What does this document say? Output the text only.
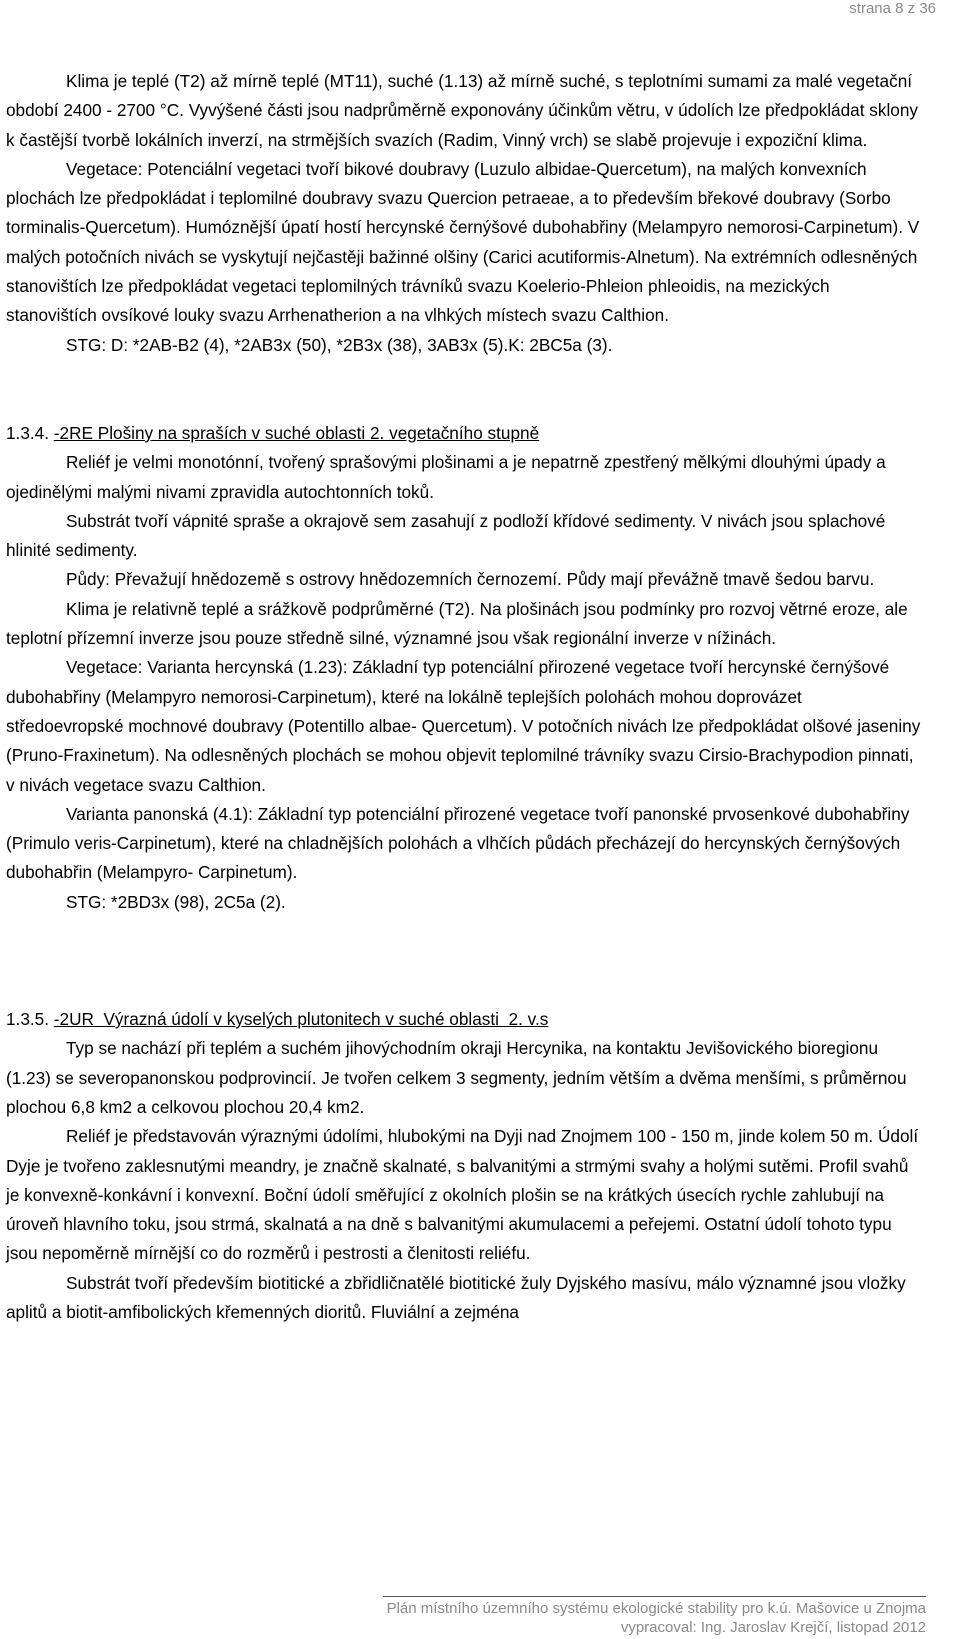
strana 8 z 36

Klima je teplé (T2) až mírně teplé (MT11), suché (1.13) až mírně suché, s teplotními sumami za malé vegetační období 2400 - 2700 °C. Vyvýšené části jsou nadprůměrně exponovány účinkům větru, v údolích lze předpokládat sklony k častější tvorbě lokálních inverzí, na strmějších svazích (Radim, Vinný vrch) se slabě projevuje i expoziční klima.

Vegetace: Potenciální vegetaci tvoří bikové doubravy (Luzulo albidae-Quercetum), na malých konvexních plochách lze předpokládat i teplomilné doubravy svazu Quercion petraeae, a to především břekové doubravy (Sorbo torminalis-Quercetum). Humóznější úpatí hostí hercynské černýšové dubohabřiny (Melampyro nemorosi-Carpinetum). V malých potočních nivách se vyskytují nejčastěji bažinné olšiny (Carici acutiformis-Alnetum). Na extrémních odlesněných stanovištích lze předpokládat vegetaci teplomilných trávníků svazu Koelerio-Phleion phleoidis, na mezických stanovištích ovsíkové louky svazu Arrhenatherion a na vlhkých místech svazu Calthion.

STG: D: *2AB-B2 (4), *2AB3x (50), *2B3x (38), 3AB3x (5).K: 2BC5a (3).

1.3.4. -2RE Plošiny na spraších v suché oblasti 2. vegetačního stupně

Reliéf je velmi monotónní, tvořený sprašovými plošinami a je nepatrně zpestřený mělkými dlouhými úpady a ojedinělými malými nivami zpravidla autochtonních toků.

Substrát tvoří vápnité spraše a okrajově sem zasahují z podloží křídové sedimenty. V nivách jsou splachové hlinité sedimenty.

Půdy: Převažují hnědozemě s ostrovy hnědozemních černozemí. Půdy mají převážně tmavě šedou barvu.

Klima je relativně teplé a srážkově podprůměrné (T2). Na plošinách jsou podmínky pro rozvoj větrné eroze, ale teplotní přízemní inverze jsou pouze středně silné, významné jsou však regionální inverze v nížinách.

Vegetace: Varianta hercynská (1.23): Základní typ potenciální přirozené vegetace tvoří hercynské černýšové dubohabřiny (Melampyro nemorosi-Carpinetum), které na lokálně teplejších polohách mohou doprovázet středoevropské mochnové doubravy (Potentillo albae- Quercetum). V potočních nivách lze předpokládat olšové jaseniny (Pruno-Fraxinetum). Na odlesněných plochách se mohou objevit teplomilné trávníky svazu Cirsio-Brachypodion pinnati, v nivách vegetace svazu Calthion.

Varianta panonská (4.1): Základní typ potenciální přirozené vegetace tvoří panonské prvosenkové dubohabřiny (Primulo veris-Carpinetum), které na chladnějších polohách a vlhčích půdách přecházejí do hercynských černýšových dubohabřin (Melampyro- Carpinetum).

STG: *2BD3x (98), 2C5a (2).

1.3.5. -2UR  Výrazná údolí v kyselých plutonitech v suché oblasti  2. v.s

Typ se nachází při teplém a suchém jihovýchodním okraji Hercynika, na kontaktu Jevišovického bioregionu (1.23) se severopanonskou podprovincií. Je tvořen celkem 3 segmenty, jedním větším a dvěma menšími, s průměrnou plochou 6,8 km2 a celkovou plochou 20,4 km2.

Reliéf je představován výraznými údolími, hlubokými na Dyji nad Znojmem 100 - 150 m, jinde kolem 50 m. Údolí Dyje je tvořeno zaklesnutými meandry, je značně skalnaté, s balvanitými a strmými svahy a holými sutěmi. Profil svahů je konvexně-konkávní i konvexní. Boční údolí směřující z okolních plošin se na krátkých úsecích rychle zahlubují na úroveň hlavního toku, jsou strmá, skalnatá a na dně s balvanitými akumulacemi a peřejemi. Ostatní údolí tohoto typu jsou nepoměrně mírnější co do rozměrů i pestrosti a členitosti reliéfu.

Substrát tvoří především biotitické a zbřidličnatělé biotitické žuly Dyjského masívu, málo významné jsou vložky aplitů a biotit-amfibolických křemenných dioritů. Fluviální a zejména

Plán místního územního systému ekologické stability pro k.ú. Mašovice u Znojma
vypracoval: Ing. Jaroslav Krejčí, listopad 2012
